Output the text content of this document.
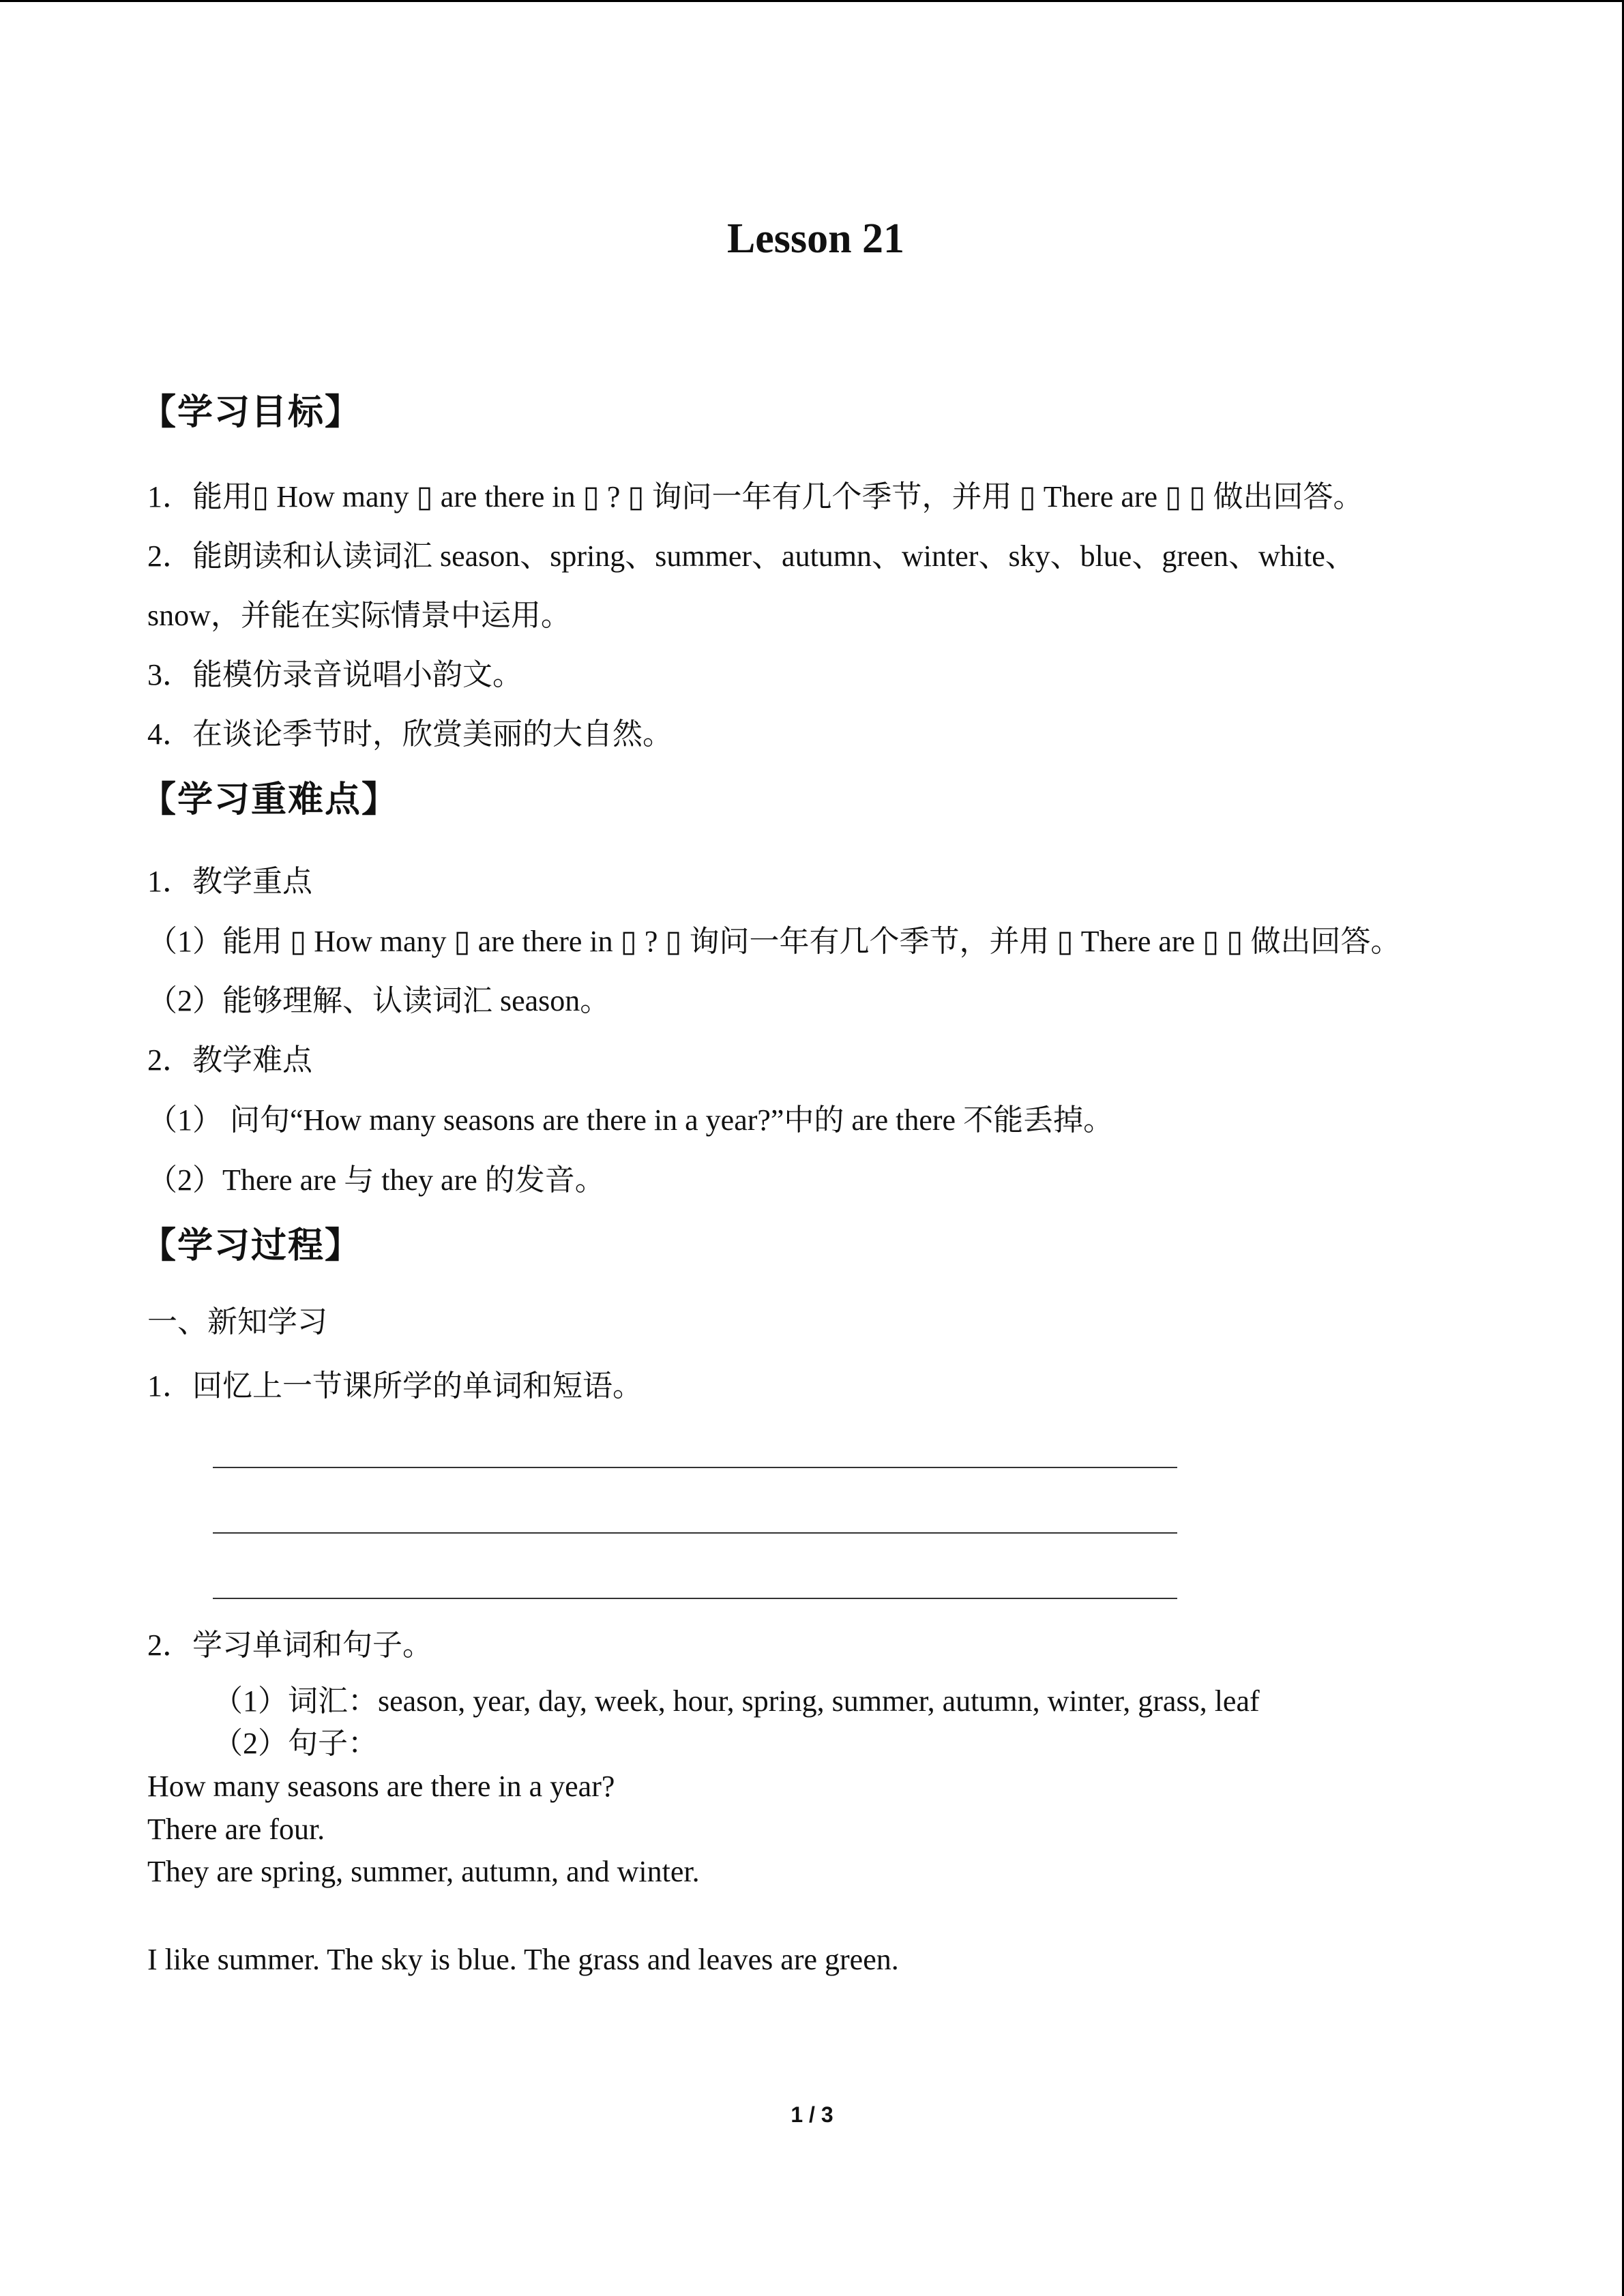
Lesson 21
【学习目标】
1．能用▯ How many ▯ are there in ▯ ? ▯ 询问一年有几个季节，并用 ▯ There are ▯ ▯ 做出回答。
2．能朗读和认读词汇 season、spring、summer、autumn、winter、sky、blue、green、white、
snow，并能在实际情景中运用。
3．能模仿录音说唱小韵文。
4．在谈论季节时，欣赏美丽的大自然。
【学习重难点】
1．教学重点
（1）能用 ▯ How many ▯ are there in ▯ ? ▯ 询问一年有几个季节，并用 ▯ There are ▯ ▯ 做出回答。
（2）能够理解、认读词汇 season。
2．教学难点
（1） 问句“How many seasons are there in a year?”中的 are there 不能丢掉。
（2）There are 与 they are 的发音。
【学习过程】
一、新知学习
1．回忆上一节课所学的单词和短语。
2．学习单词和句子。
（1）词汇：season, year, day, week, hour, spring, summer, autumn, winter, grass, leaf
（2）句子：
How many seasons are there in a year?
There are four.
They are spring, summer, autumn, and winter.
I like summer. The sky is blue. The grass and leaves are green.
1 / 3
